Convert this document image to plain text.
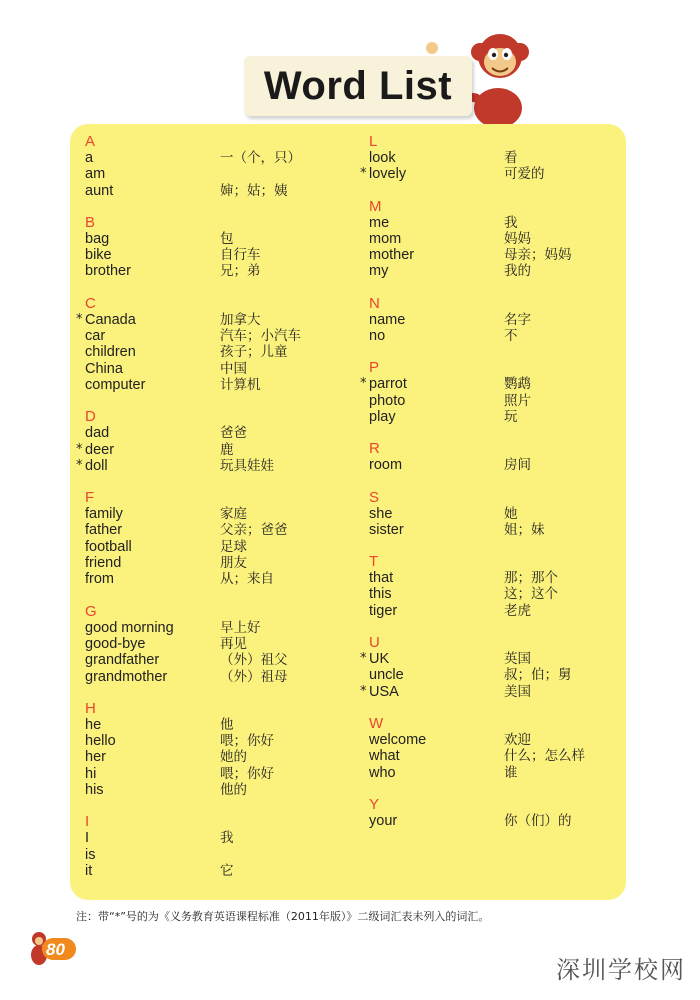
Word List
A
a	一（个，只）
am
aunt	婶；姑；姨
B
bag	包
bike	自行车
brother	兄；弟
C
* Canada	加拿大
car	汽车；小汽车
children	孩子；儿童
China	中国
computer	计算机
D
dad	爸爸
* deer	鹿
* doll	玩具娃娃
F
family	家庭
father	父亲；爸爸
football	足球
friend	朋友
from	从；来自
G
good morning	早上好
good-bye	再见
grandfather	（外）祖父
grandmother	（外）祖母
H
he	他
hello	喂；你好
her	她的
hi	喂；你好
his	他的
I
I	我
is
it	它
L
look	看
* lovely	可爱的
M
me	我
mom	妈妈
mother	母亲；妈妈
my	我的
N
name	名字
no	不
P
* parrot	鹦鹉
photo	照片
play	玩
R
room	房间
S
she	她
sister	姐；妹
T
that	那；那个
this	这；这个
tiger	老虎
U
* UK	英国
uncle	叔；伯；舅
* USA	美国
W
welcome	欢迎
what	什么；怎么样
who	谁
Y
your	你（们）的
注：带“*”号的为《义务教育英语课程标准（2011年版）》二级词汇表未列入的词汇。
80
深圳学校网
